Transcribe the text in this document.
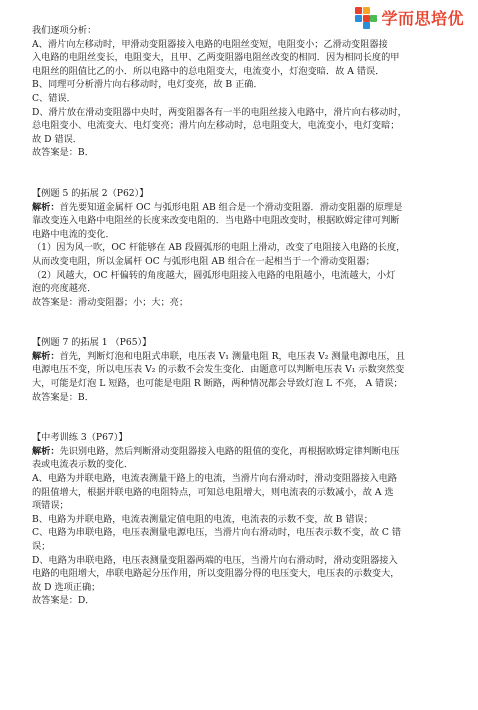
学而思培优

我们逐项分析：

A、滑片向左移动时，甲滑动变阻器接入电路的电阻丝变短，电阻变小；乙滑动变阻器接

入电路的电阻丝变长，电阻变大，且甲、乙两变阻器电阻丝改变的相同．因为相同长度的甲

电阻丝的阻值比乙的小．所以电路中的总电阻变大，电流变小，灯泡变暗．故 A 错误．

B、同理可分析滑片向右移动时，电灯变亮，故 B 正确．

C、错误．

D、滑片放在滑动变阻器中央时，两变阻器各有一半的电阻丝接入电路中，滑片向右移动时，

总电阻变小、电流变大、电灯变亮；滑片向左移动时，总电阻变大，电流变小，电灯变暗；

故 D 错误．

故答案是：B．

【例题 5 的拓展 2（P62）】

解析：首先要知道金属杆 OC 与弧形电阻 AB 组合是一个滑动变阻器．滑动变阻器的原理是

靠改变连入电路中电阻丝的长度来改变电阻的．当电路中电阻改变时，根据欧姆定律可判断

电路中电流的变化．

（1）因为风一吹，OC 杆能够在 AB 段圆弧形的电阻上滑动，改变了电阻接入电路的长度，

从而改变电阻，所以金属杆 OC 与弧形电阻 AB 组合在一起相当于一个滑动变阻器；

（2）风越大，OC 杆偏转的角度越大，圆弧形电阻接入电路的电阻越小，电流越大，小灯

泡的亮度越亮．

故答案是：滑动变阻器；小；大；亮；

【例题 7 的拓展 1 （P65）】

解析：首先，判断灯泡和电阻式串联，电压表 V₁ 测量电阻 R，电压表 V₂ 测量电源电压，且

电源电压不变，所以电压表 V₂ 的示数不会发生变化．由题意可以判断电压表 V₁ 示数突然变

大，可能是灯泡 L 短路，也可能是电阻 R 断路，两种情况都会导致灯泡 L 不亮， A 错误；

故答案是：B．

【中考训练 3（P67）】

解析：先识别电路，然后判断滑动变阻器接入电路的阻值的变化，再根据欧姆定律判断电压

表或电流表示数的变化．

A、电路为并联电路，电流表测量干路上的电流，当滑片向右滑动时，滑动变阻器接入电路

的阻值增大，根据并联电路的电阻特点，可知总电阻增大，则电流表的示数减小，故 A 选

项错误；

B、电路为并联电路，电流表测量定值电阻的电流，电流表的示数不变，故 B 错误；

C、电路为串联电路，电压表测量电源电压，当滑片向右滑动时，电压表示数不变，故 C 错

误；

D、电路为串联电路，电压表测量变阻器两端的电压，当滑片向右滑动时，滑动变阻器接入

电路的电阻增大，串联电路起分压作用，所以变阻器分得的电压变大，电压表的示数变大，

故 D 选项正确；

故答案是：D．
